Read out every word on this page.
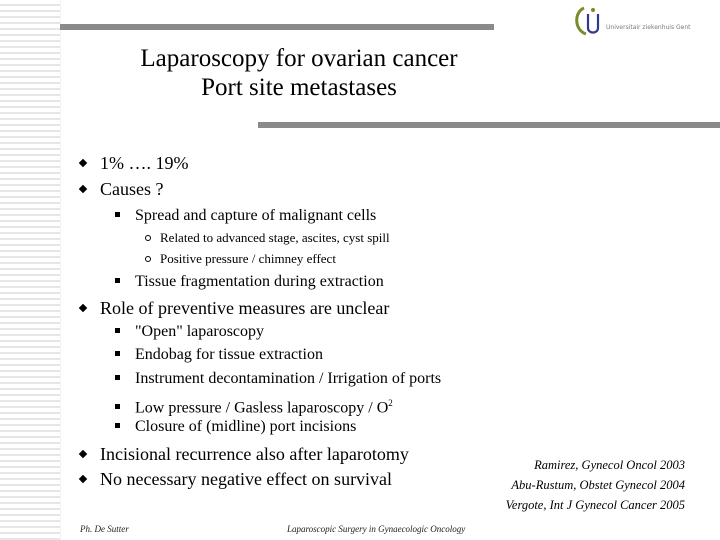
Universitair ziekenhuis Gent
Laparoscopy for ovarian cancer
Port site metastases
1% …. 19%
Causes ?
Spread and capture of malignant cells
Related to advanced stage, ascites, cyst spill
Positive pressure / chimney effect
Tissue fragmentation during extraction
Role of preventive measures are unclear
"Open" laparoscopy
Endobag for tissue extraction
Instrument decontamination / Irrigation of ports
Low pressure / Gasless laparoscopy / $O^2$
Closure of (midline) port incisions
Incisional recurrence also after laparotomy
No necessary negative effect on survival
Ramirez, Gynecol Oncol 2003
Abu-Rustum, Obstet Gynecol 2004
Vergote, Int J Gynecol Cancer 2005
Ph. De Sutter	Laparoscopic Surgery in Gynaecologic Oncology
